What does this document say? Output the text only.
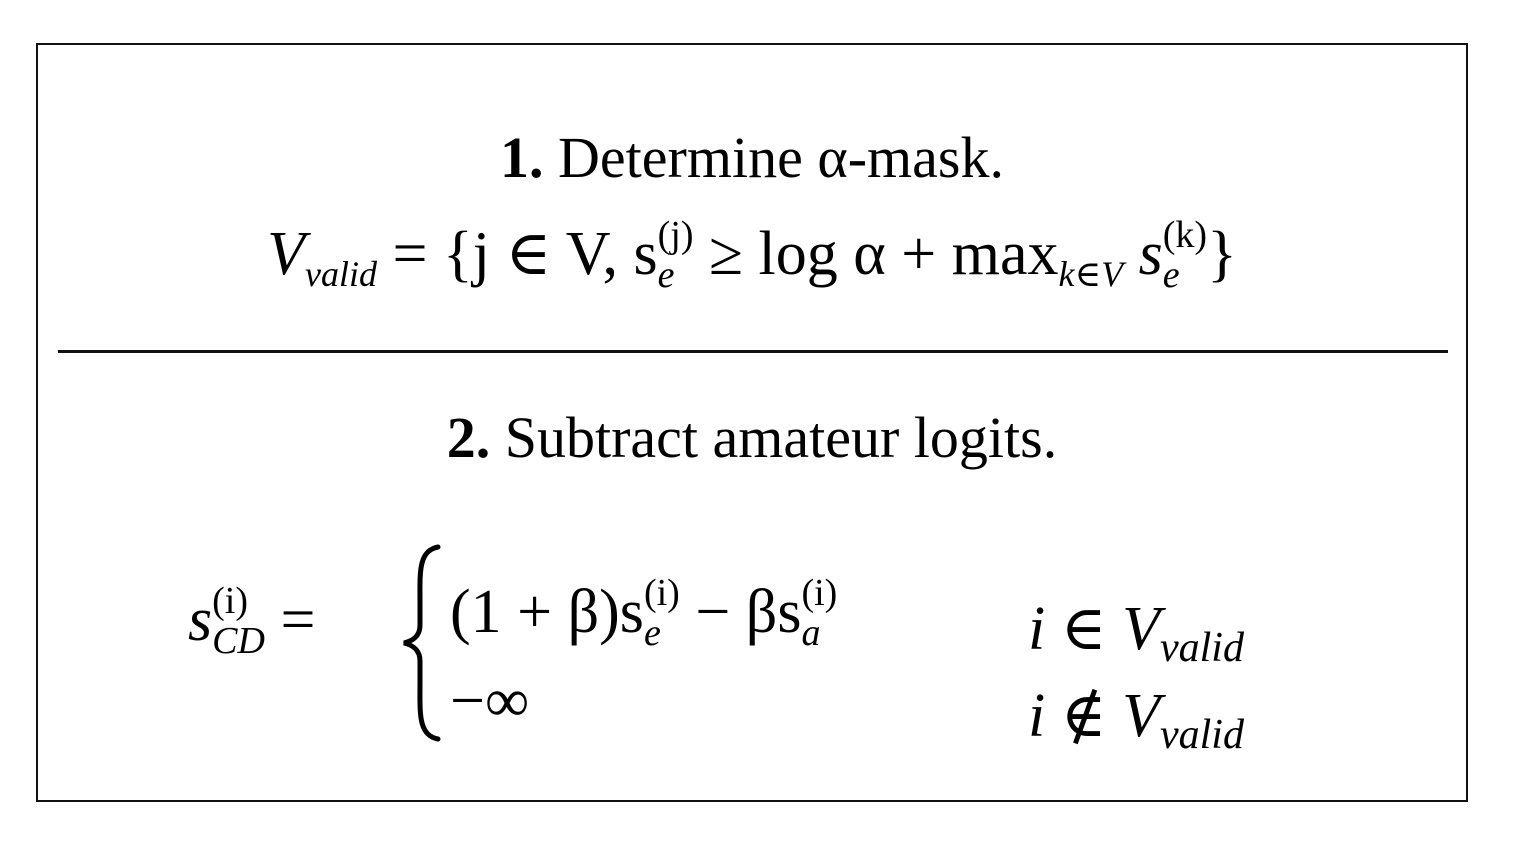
1. Determine α-mask.
Vvalid = {j ∈ V, s (j)
e ≥ log α + maxk∈V s (k)
e }
2. Subtract amateur logits.
s (i)
CD = (1 + β)s (i)
e − βs (i)
a	i ∈ Vvalid
−∞	i ∉ Vvalid
